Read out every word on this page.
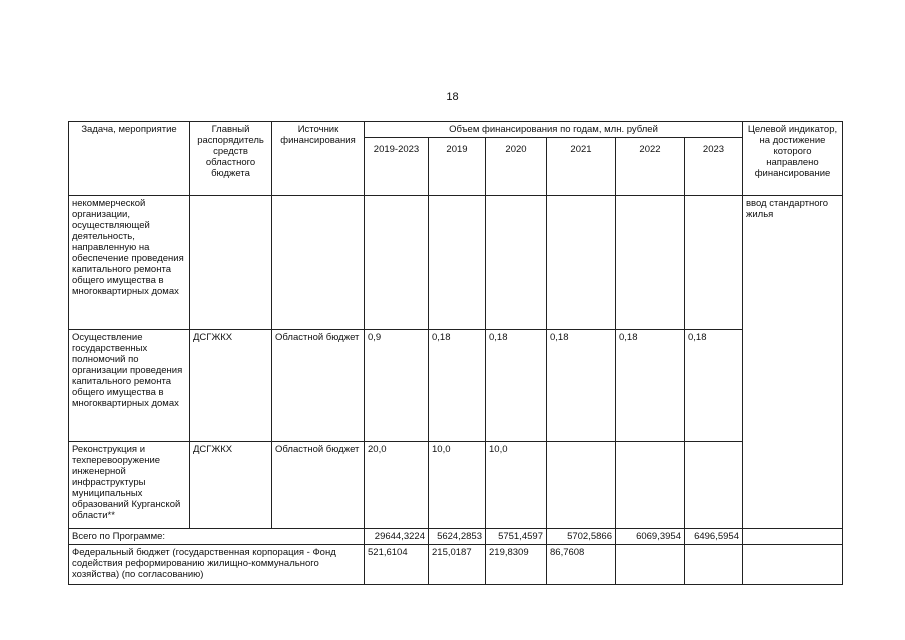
18
Задача, мероприятие	Главный распорядитель средств областного бюджета	Источник финансирования	Объем финансирования по годам, млн. рублей						Целевой индикатор, на достижение которого направлено финансирование
			2019-2023	2019	2020	2021	2022	2023	
некоммерческой организации, осуществляющей деятельность, направленную на обеспечение проведения капитального ремонта общего имущества в многоквартирных домах									ввод стандартного жилья
Осуществление государственных полномочий по организации проведения капитального ремонта общего имущества в многоквартирных домах	ДСГЖКХ	Областной бюджет	0,9	0,18	0,18	0,18	0,18	0,18	
Реконструкция и техперевооружение инженерной инфраструктуры муниципальных образований Курганской области**	ДСГЖКХ	Областной бюджет	20,0	10,0	10,0				
Всего по Программе:			29644,3224	5624,2853	5751,4597	5702,5866	6069,3954	6496,5954	
Федеральный бюджет (государственная корпорация - Фонд содействия реформированию жилищно-коммунального хозяйства) (по согласованию)			521,6104	215,0187	219,8309	86,7608			
